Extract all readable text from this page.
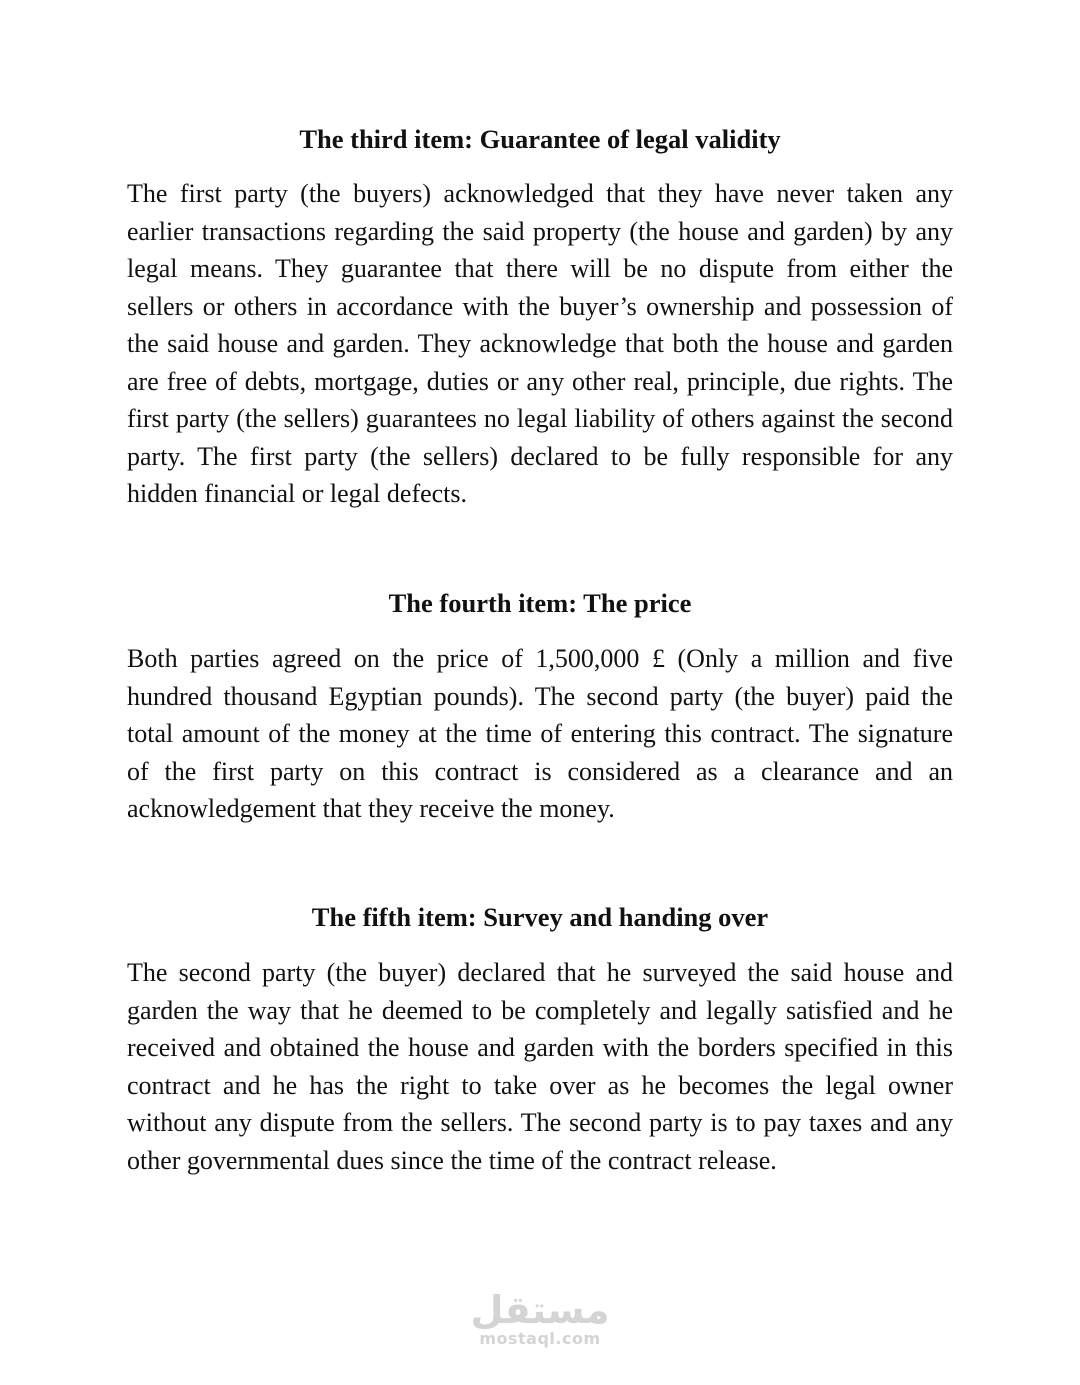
The third item: Guarantee of legal validity

The first party (the buyers) acknowledged that they have never taken any earlier transactions regarding the said property (the house and garden) by any legal means. They guarantee that there will be no dispute from either the sellers or others in accordance with the buyer’s ownership and possession of the said house and garden. They acknowledge that both the house and garden are free of debts, mortgage, duties or any other real, principle, due rights. The first party (the sellers) guarantees no legal liability of others against the second party. The first party (the sellers) declared to be fully responsible for any hidden financial or legal defects.

The fourth item: The price

Both parties agreed on the price of 1,500,000 £ (Only a million and five hundred thousand Egyptian pounds). The second party (the buyer) paid the total amount of the money at the time of entering this contract. The signature of the first party on this contract is considered as a clearance and an acknowledgement that they receive the money.

The fifth item: Survey and handing over

The second party (the buyer) declared that he surveyed the said house and garden the way that he deemed to be completely and legally satisfied and he received and obtained the house and garden with the borders specified in this contract and he has the right to take over as he becomes the legal owner without any dispute from the sellers. The second party is to pay taxes and any other governmental dues since the time of the contract release.

مستقل
mostaql.com
